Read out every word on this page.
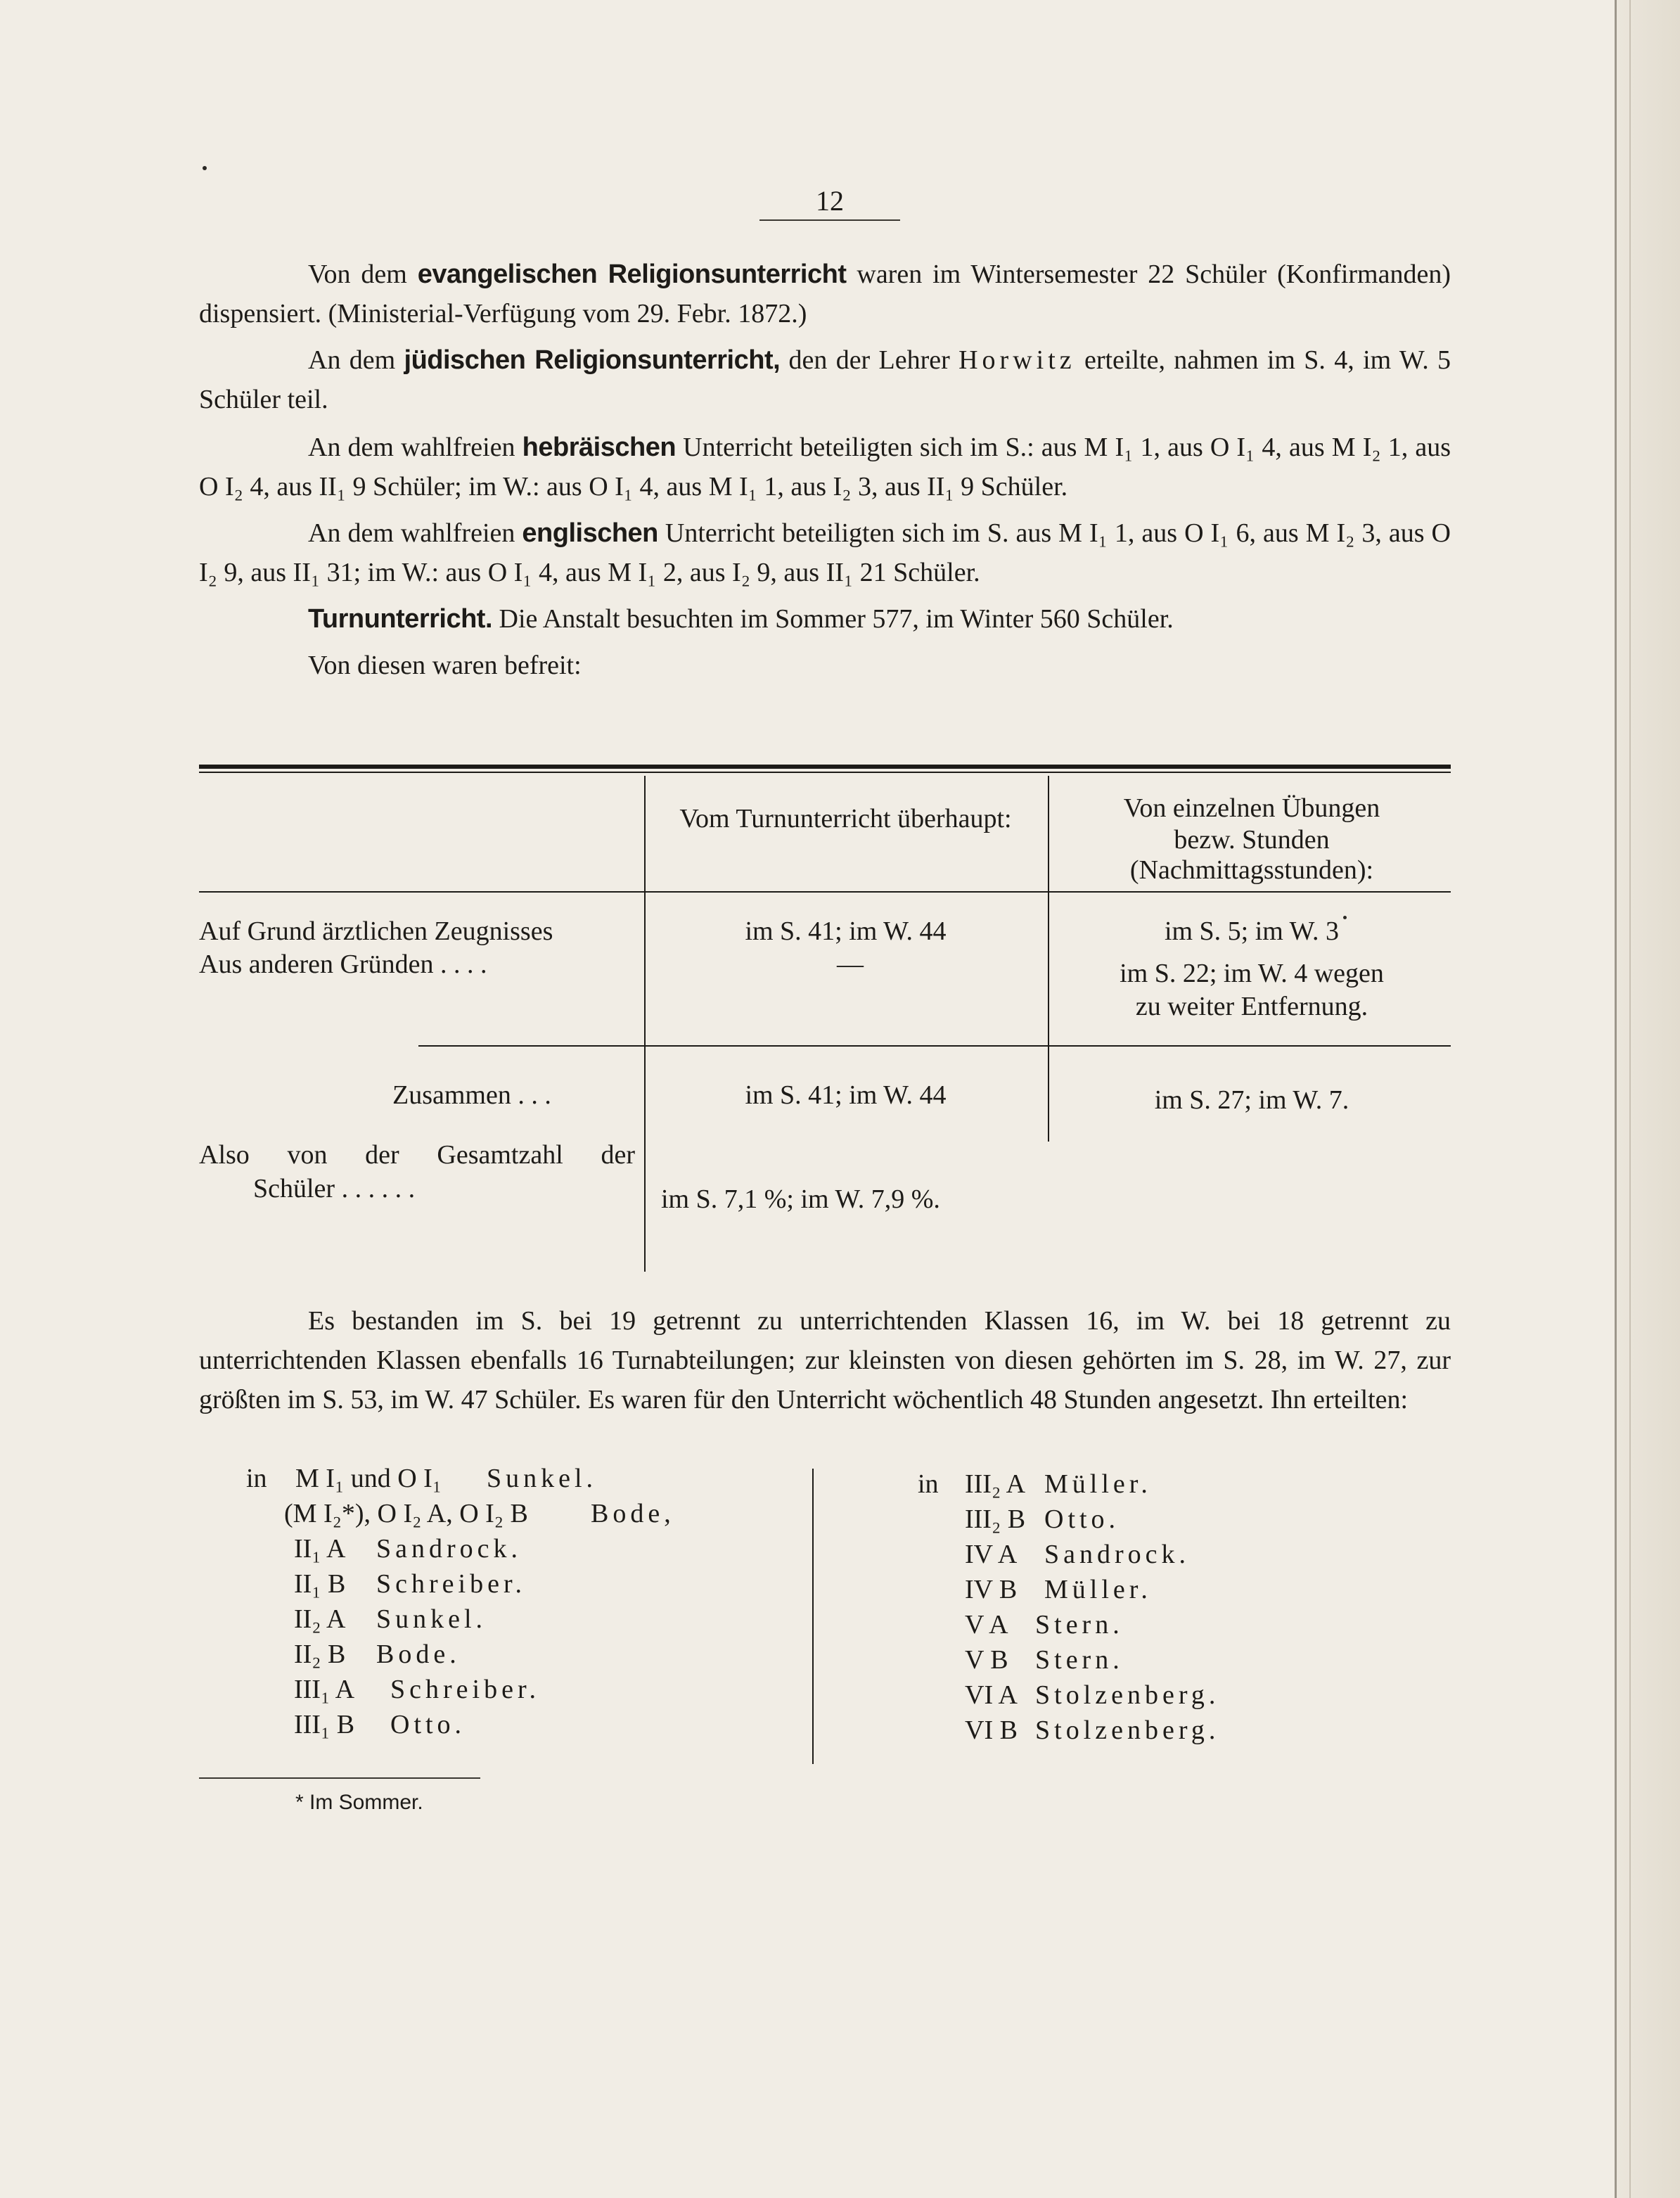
12

Von dem evangelischen Religionsunterricht waren im Wintersemester 22 Schüler (Konfirmanden) dispensiert. (Ministerial-Verfügung vom 29. Febr. 1872.)

An dem jüdischen Religionsunterricht, den der Lehrer Horwitz erteilte, nahmen im S. 4, im W. 5 Schüler teil.

An dem wahlfreien hebräischen Unterricht beteiligten sich im S.: aus M I₁ 1, aus O I₁ 4, aus M I₂ 1, aus O I₂ 4, aus II₁ 9 Schüler; im W.: aus O I₁ 4, aus M I₁ 1, aus I₂ 3, aus II₁ 9 Schüler.

An dem wahlfreien englischen Unterricht beteiligten sich im S. aus M I₁ 1, aus O I₁ 6, aus M I₂ 3, aus O I₂ 9, aus II₁ 31; im W.: aus O I₁ 4, aus M I₁ 2, aus I₂ 9, aus II₁ 21 Schüler.

Turnunterricht. Die Anstalt besuchten im Sommer 577, im Winter 560 Schüler.

Von diesen waren befreit:

Vom Turnunterricht überhaupt:	Von einzelnen Übungen
bezw. Stunden
(Nachmittagsstunden):
Auf Grund ärztlichen Zeugnisses	im S. 41; im W. 44	im S. 5; im W. 3
Aus anderen Gründen . . . .	—	im S. 22; im W. 4 wegen
zu weiter Entfernung.
Zusammen . . .	im S. 41; im W. 44	im S. 27; im W. 7.
Also von der Gesamtzahl der
Schüler . . . . . .	im S. 7,1 %; im W. 7,9 %.

Es bestanden im S. bei 19 getrennt zu unterrichtenden Klassen 16, im W. bei 18 getrennt zu unterrichtenden Klassen ebenfalls 16 Turnabteilungen; zur kleinsten von diesen gehörten im S. 28, im W. 27, zur größten im S. 53, im W. 47 Schüler. Es waren für den Unterricht wöchentlich 48 Stunden angesetzt. Ihn erteilten:

in M I₁ und O I₁ Sunkel.
(M I₂*), O I₂ A, O I₂ B Bode,
II₁ A Sandrock.
II₁ B Schreiber.
II₂ A Sunkel.
II₂ B Bode.
III₁ A Schreiber.
III₁ B Otto.
in III₂ A Müller.
III₂ B Otto.
IV A Sandrock.
IV B Müller.
V A Stern.
V B Stern.
VI A Stolzenberg.
VI B Stolzenberg.
* Im Sommer.
